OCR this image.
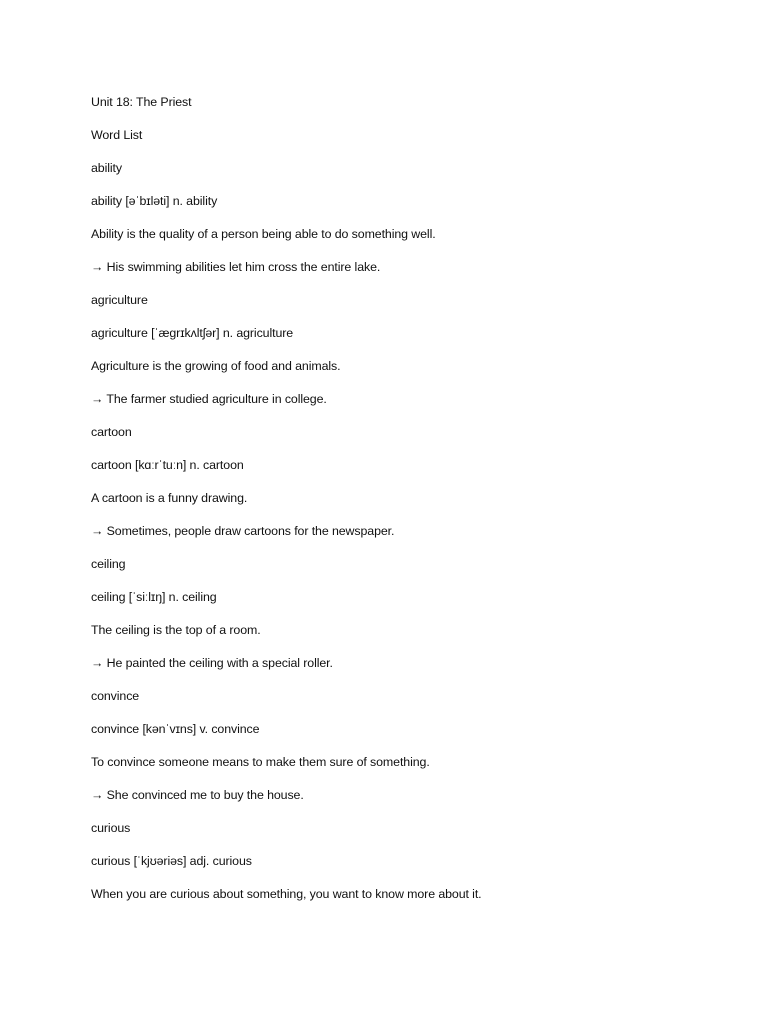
Unit 18: The Priest
Word List
ability
ability [əˈbɪləti] n. ability
Ability is the quality of a person being able to do something well.
→ His swimming abilities let him cross the entire lake.
agriculture
agriculture [ˈægrɪkʌltʃər] n. agriculture
Agriculture is the growing of food and animals.
→ The farmer studied agriculture in college.
cartoon
cartoon [kɑːrˈtuːn] n. cartoon
A cartoon is a funny drawing.
→ Sometimes, people draw cartoons for the newspaper.
ceiling
ceiling [ˈsiːlɪŋ] n. ceiling
The ceiling is the top of a room.
→ He painted the ceiling with a special roller.
convince
convince [kənˈvɪns] v. convince
To convince someone means to make them sure of something.
→ She convinced me to buy the house.
curious
curious [ˈkjʊəriəs] adj. curious
When you are curious about something, you want to know more about it.
